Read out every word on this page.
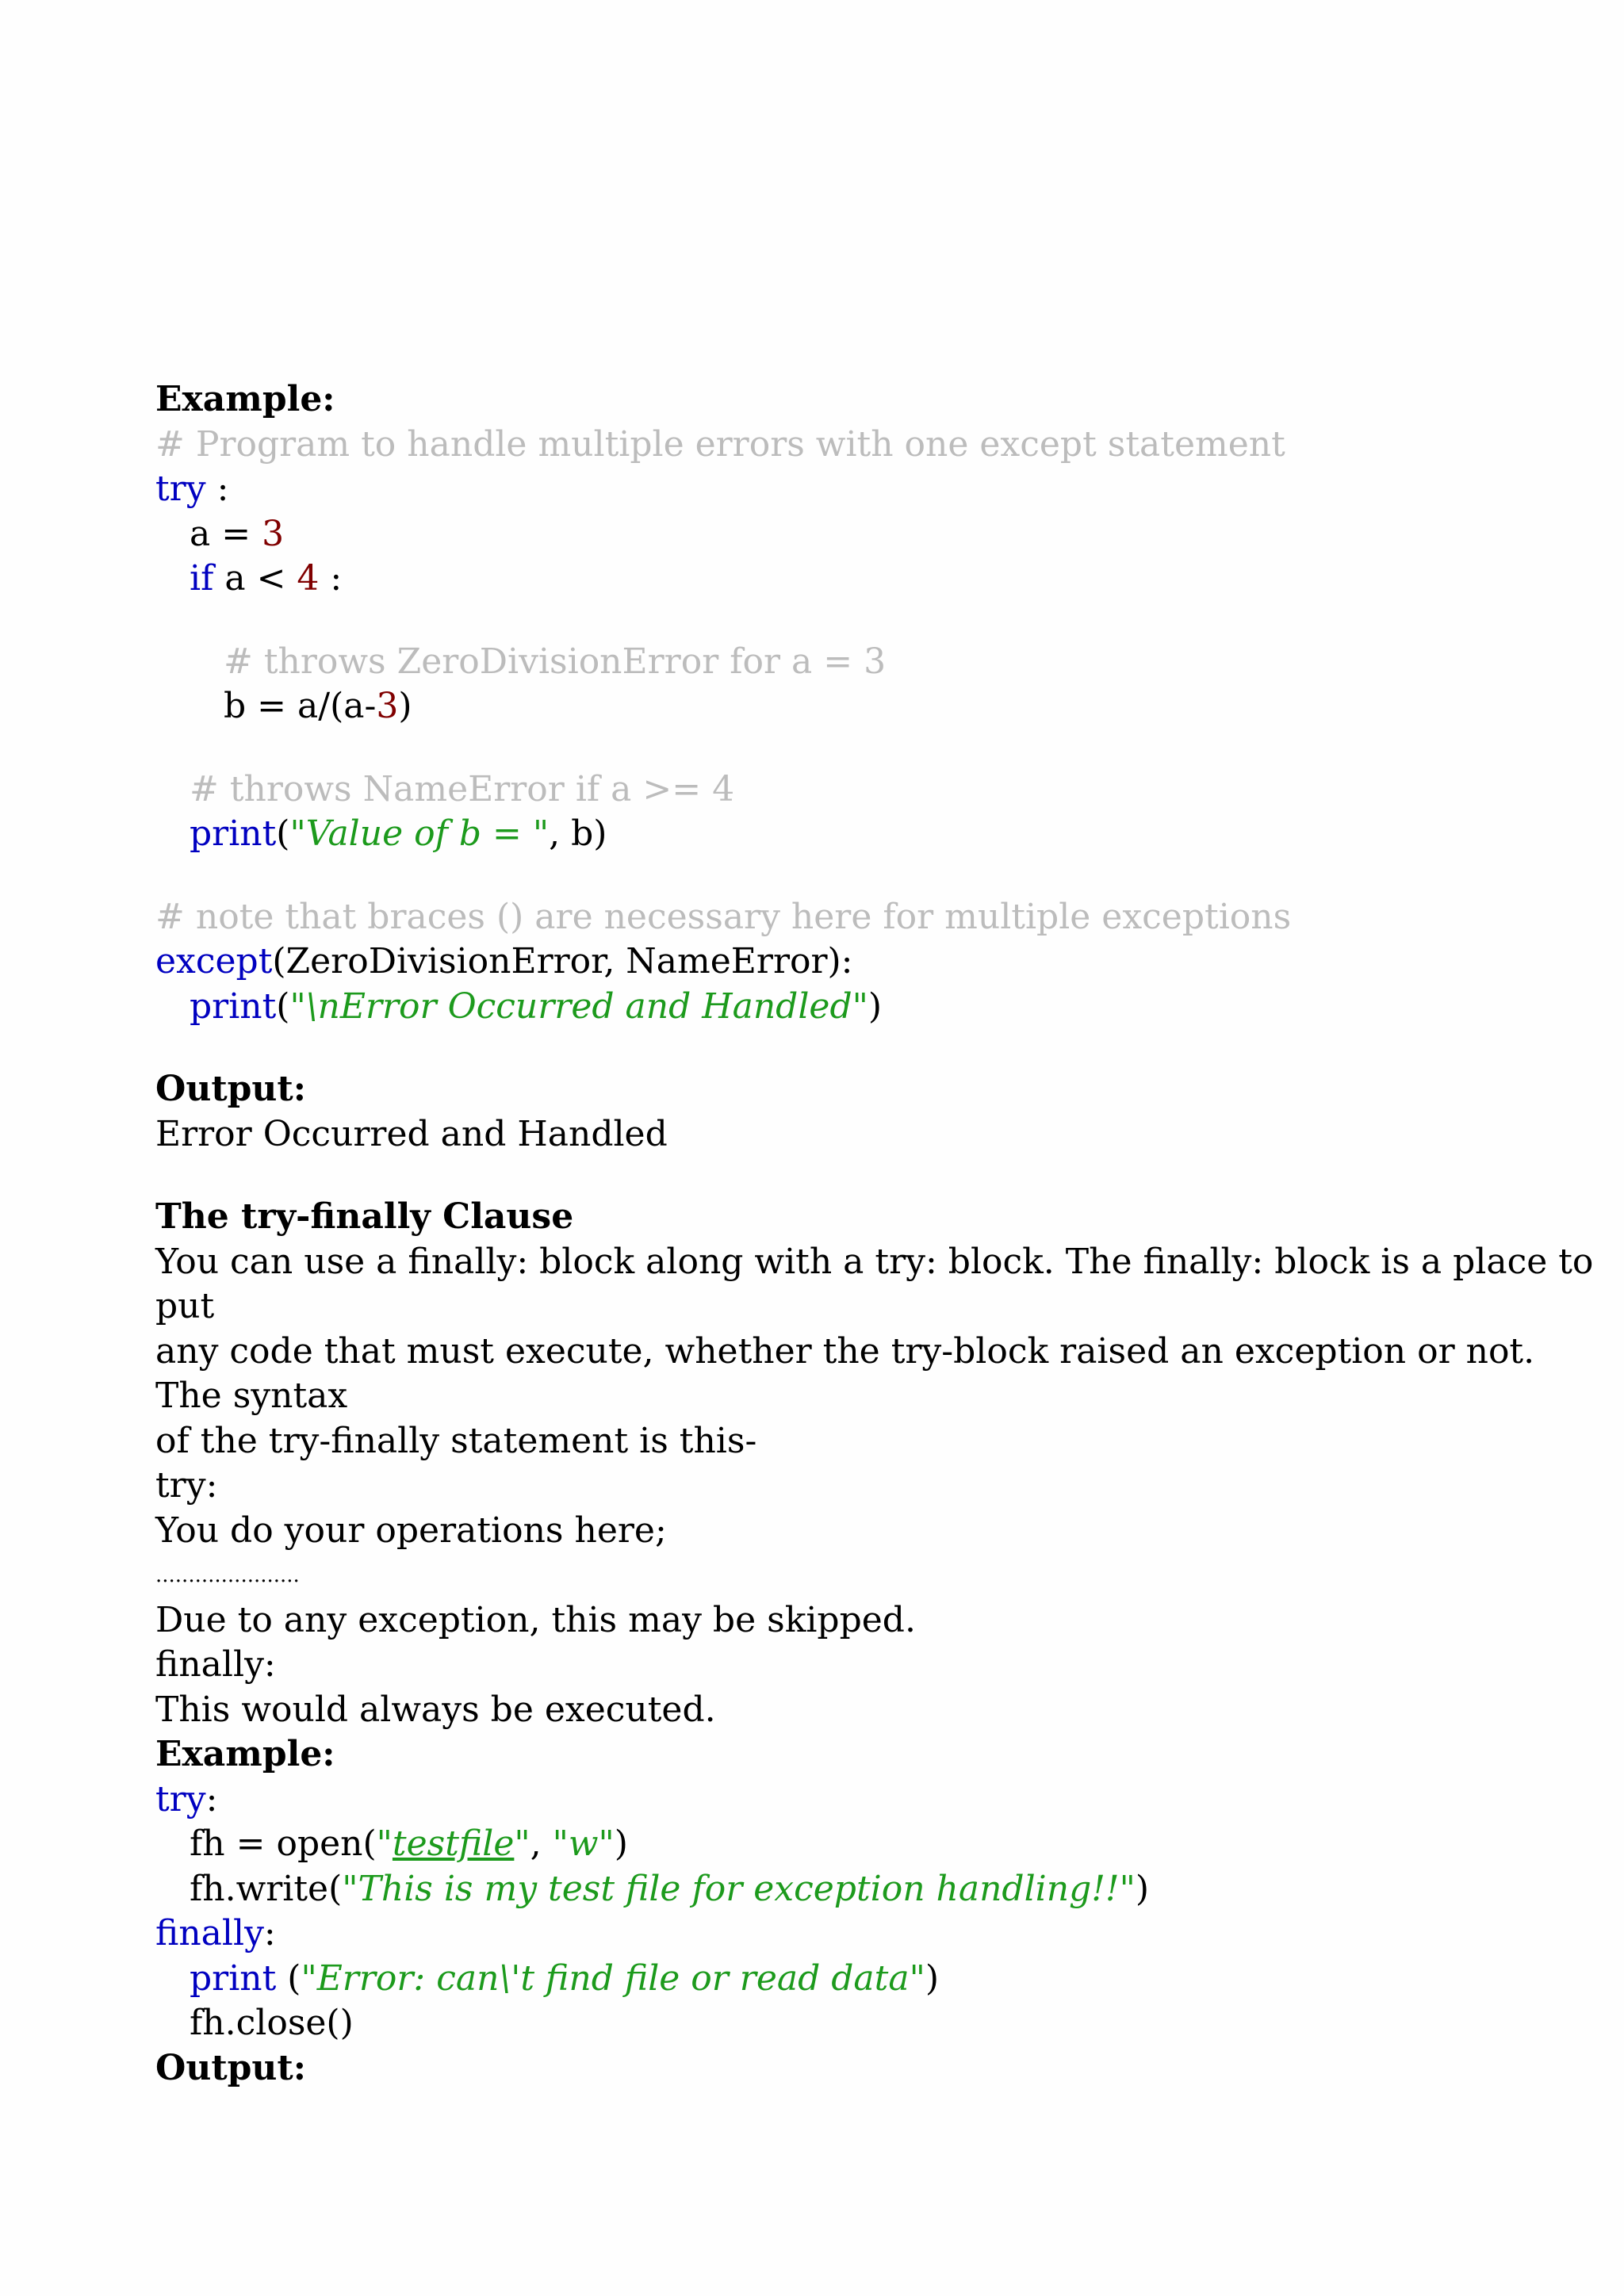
Example:
# Program to handle multiple errors with one except statement
try :
a = 3
if a < 4 :
# throws ZeroDivisionError for a = 3
b = a/(a-3)
# throws NameError if a >= 4
print("Value of b = ", b)
# note that braces () are necessary here for multiple exceptions
except(ZeroDivisionError, NameError):
print("\nError Occurred and Handled")
Output:
Error Occurred and Handled
The try-finally Clause
You can use a finally: block along with a try: block. The finally: block is a place to
put
any code that must execute, whether the try-block raised an exception or not.
The syntax
of the try-finally statement is this-
try:
You do your operations here;
......................
Due to any exception, this may be skipped.
finally:
This would always be executed.
Example:
try:
fh = open("testfile", "w")
fh.write("This is my test file for exception handling!!")
finally:
print ("Error: can\'t find file or read data")
fh.close()
Output:
